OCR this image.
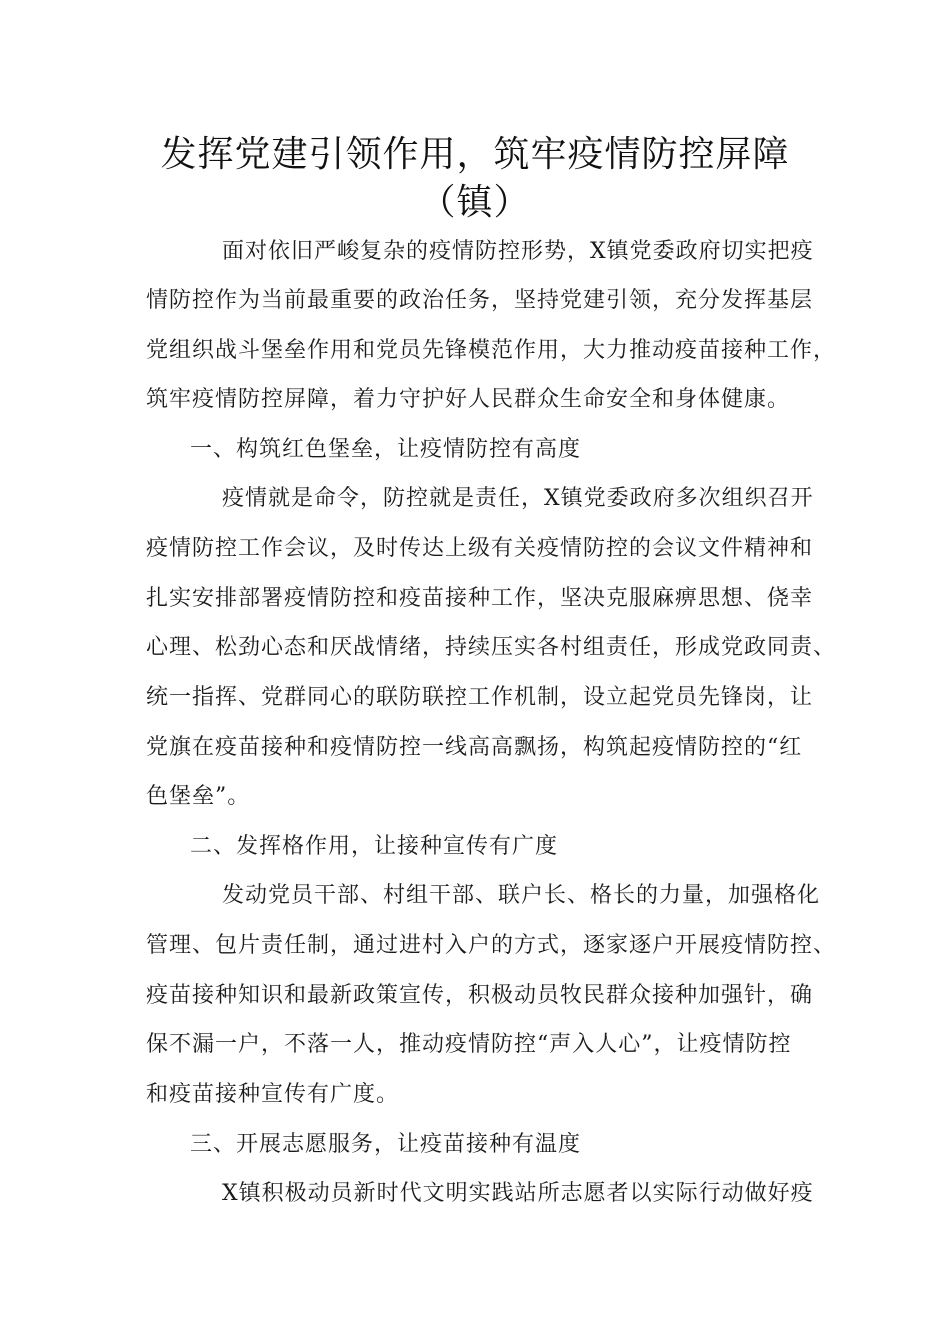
发挥党建引领作用，筑牢疫情防控屏障
（镇）
面对依旧严峻复杂的疫情防控形势，X镇党委政府切实把疫
情防控作为当前最重要的政治任务，坚持党建引领，充分发挥基层
党组织战斗堡垒作用和党员先锋模范作用，大力推动疫苗接种工作，
筑牢疫情防控屏障，着力守护好人民群众生命安全和身体健康。
一、构筑红色堡垒，让疫情防控有高度
疫情就是命令，防控就是责任，X镇党委政府多次组织召开
疫情防控工作会议，及时传达上级有关疫情防控的会议文件精神和
扎实安排部署疫情防控和疫苗接种工作，坚决克服麻痹思想、侥幸
心理、松劲心态和厌战情绪，持续压实各村组责任，形成党政同责、
统一指挥、党群同心的联防联控工作机制，设立起党员先锋岗，让
党旗在疫苗接种和疫情防控一线高高飘扬，构筑起疫情防控的“红
色堡垒”。
二、发挥格作用，让接种宣传有广度
发动党员干部、村组干部、联户长、格长的力量，加强格化
管理、包片责任制，通过进村入户的方式，逐家逐户开展疫情防控、
疫苗接种知识和最新政策宣传，积极动员牧民群众接种加强针，确
保不漏一户，不落一人，推动疫情防控“声入人心”，让疫情防控
和疫苗接种宣传有广度。
三、开展志愿服务，让疫苗接种有温度
X镇积极动员新时代文明实践站所志愿者以实际行动做好疫
